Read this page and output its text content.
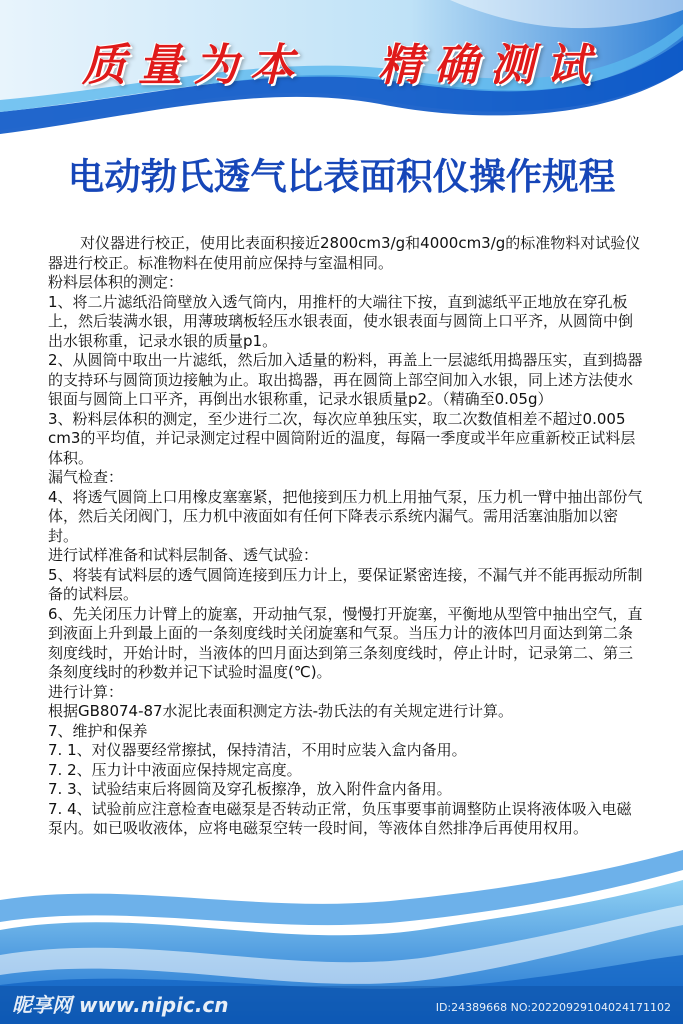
质量为本 精确测试
电动勃氏透气比表面积仪操作规程

对仪器进行校正，使用比表面积接近2800cm3/g和4000cm3/g的标准物料对试验仪器进行校正。标准物料在使用前应保持与室温相同。

粉料层体积的测定：

1、将二片滤纸沿筒壁放入透气筒内，用推杆的大端往下按，直到滤纸平正地放在穿孔板上，然后装满水银，用薄玻璃板轻压水银表面，使水银表面与圆筒上口平齐，从圆筒中倒出水银称重，记录水银的质量p1。

2、从圆筒中取出一片滤纸，然后加入适量的粉料，再盖上一层滤纸用捣器压实，直到捣器的支持环与圆筒顶边接触为止。取出捣器，再在圆筒上部空间加入水银，同上述方法使水银面与圆筒上口平齐，再倒出水银称重，记录水银质量p2。（精确至0.05g）

3、粉料层体积的测定，至少进行二次，每次应单独压实，取二次数值相差不超过0.005 cm3的平均值，并记录测定过程中圆筒附近的温度，每隔一季度或半年应重新校正试料层体积。

漏气检查：

4、将透气圆筒上口用橡皮塞塞紧，把他接到压力机上用抽气泵，压力机一臂中抽出部份气体，然后关闭阀门，压力机中液面如有任何下降表示系统内漏气。需用活塞油脂加以密封。

进行试样准备和试料层制备、透气试验：

5、将装有试料层的透气圆筒连接到压力计上，要保证紧密连接，不漏气并不能再振动所制备的试料层。

6、先关闭压力计臂上的旋塞，开动抽气泵，慢慢打开旋塞，平衡地从型管中抽出空气，直到液面上升到最上面的一条刻度线时关闭旋塞和气泵。当压力计的液体凹月面达到第二条刻度线时，开始计时，当液体的凹月面达到第三条刻度线时，停止计时，记录第二、第三条刻度线时的秒数并记下试验时温度(℃)。

进行计算：

根据GB8074-87水泥比表面积测定方法-勃氏法的有关规定进行计算。

7、维护和保养

7. 1、对仪器要经常擦拭，保持清洁，不用时应装入盒内备用。

7. 2、压力计中液面应保持规定高度。

7. 3、试验结束后将圆筒及穿孔板擦净，放入附件盒内备用。

7. 4、试验前应注意检查电磁泵是否转动正常，负压事要事前调整防止误将液体吸入电磁泵内。如已吸收液体，应将电磁泵空转一段时间，等液体自然排净后再使用权用。

昵享网 www.nipic.cn	ID:24389668 NO:20220929104024171102
